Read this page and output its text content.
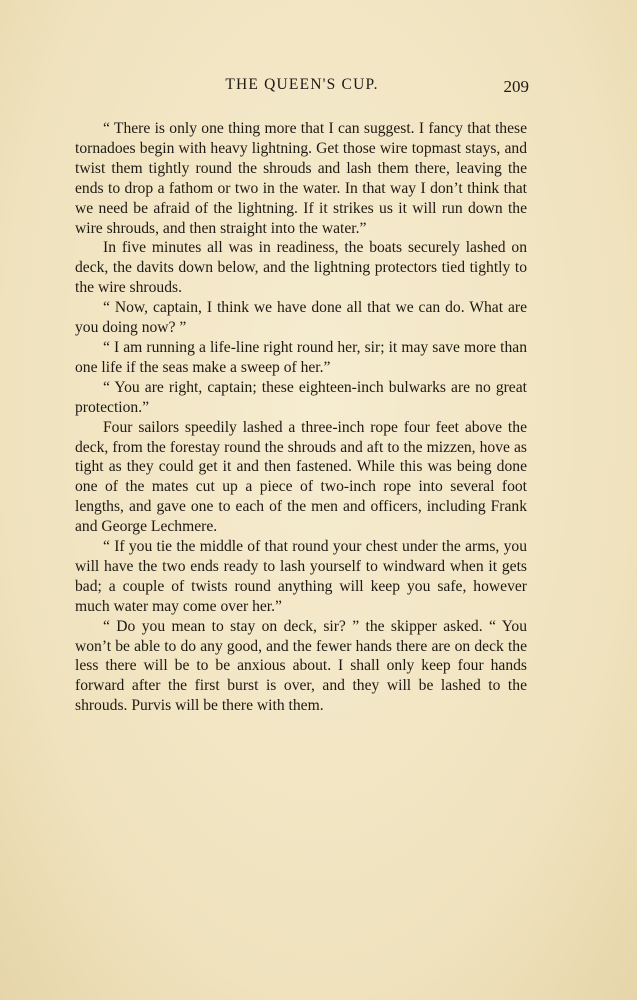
THE QUEEN'S CUP.	209

“ There is only one thing more that I can suggest. I fancy that these tornadoes begin with heavy lightning. Get those wire topmast stays, and twist them tightly round the shrouds and lash them there, leaving the ends to drop a fathom or two in the water. In that way I don’t think that we need be afraid of the lightning. If it strikes us it will run down the wire shrouds, and then straight into the water.”

In five minutes all was in readiness, the boats securely lashed on deck, the davits down below, and the lightning protectors tied tightly to the wire shrouds.

“ Now, captain, I think we have done all that we can do. What are you doing now? ”

“ I am running a life-line right round her, sir; it may save more than one life if the seas make a sweep of her.”

“ You are right, captain; these eighteen-inch bulwarks are no great protection.”

Four sailors speedily lashed a three-inch rope four feet above the deck, from the forestay round the shrouds and aft to the mizzen, hove as tight as they could get it and then fastened. While this was being done one of the mates cut up a piece of two-inch rope into several foot lengths, and gave one to each of the men and officers, including Frank and George Lechmere.

“ If you tie the middle of that round your chest under the arms, you will have the two ends ready to lash yourself to windward when it gets bad; a couple of twists round anything will keep you safe, however much water may come over her.”

“ Do you mean to stay on deck, sir? ” the skipper asked. “ You won’t be able to do any good, and the fewer hands there are on deck the less there will be to be anxious about. I shall only keep four hands forward after the first burst is over, and they will be lashed to the shrouds. Purvis will be there with them.
